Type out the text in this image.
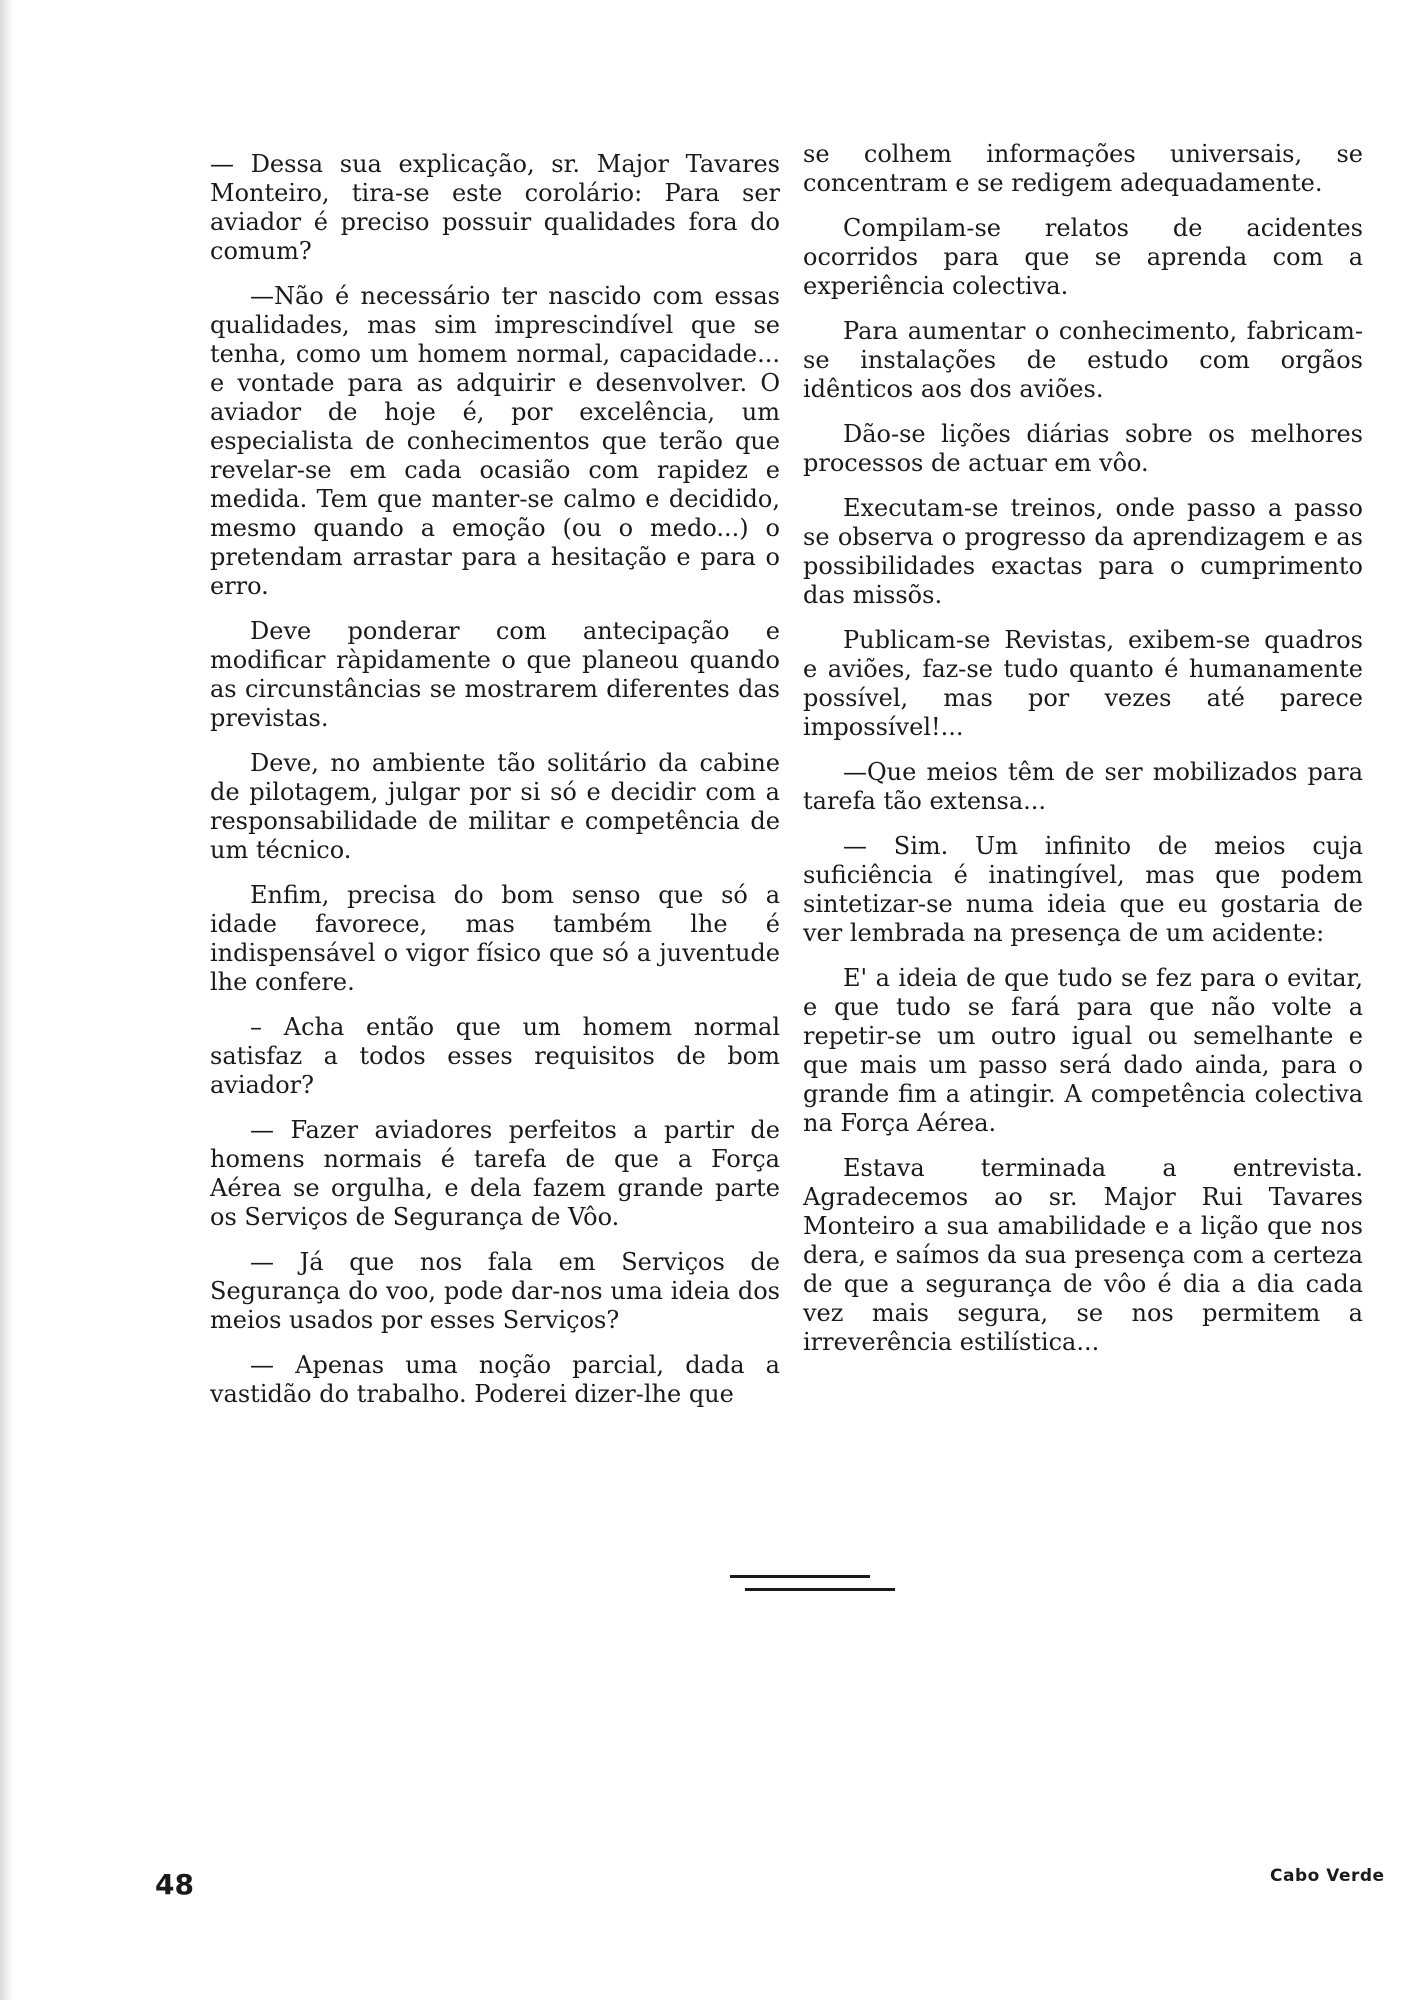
— Dessa sua explicação, sr. Major Tavares Monteiro, tira-se este corolário: Para ser aviador é preciso possuir qualidades fora do comum?

—Não é necessário ter nascido com essas qualidades, mas sim imprescindível que se tenha, como um homem normal, capacidade... e vontade para as adquirir e desenvolver. O aviador de hoje é, por excelência, um especialista de conhecimentos que terão que revelar-se em cada ocasião com rapidez e medida. Tem que manter-se calmo e decidido, mesmo quando a emoção (ou o medo...) o pretendam arrastar para a hesitação e para o erro.

Deve ponderar com antecipação e modificar ràpidamente o que planeou quando as circunstâncias se mostrarem diferentes das previstas.

Deve, no ambiente tão solitário da cabine de pilotagem, julgar por si só e decidir com a responsabilidade de militar e competência de um técnico.

Enfim, precisa do bom senso que só a idade favorece, mas também lhe é indispensável o vigor físico que só a juventude lhe confere.

– Acha então que um homem normal satisfaz a todos esses requisitos de bom aviador?

— Fazer aviadores perfeitos a partir de homens normais é tarefa de que a Força Aérea se orgulha, e dela fazem grande parte os Serviços de Segurança de Vôo.

— Já que nos fala em Serviços de Segurança do voo, pode dar-nos uma ideia dos meios usados por esses Serviços?

— Apenas uma noção parcial, dada a vastidão do trabalho. Poderei dizer-lhe que

se colhem informações universais, se concentram e se redigem adequadamente.

Compilam-se relatos de acidentes ocorridos para que se aprenda com a experiência colectiva.

Para aumentar o conhecimento, fabricam-se instalações de estudo com orgãos idênticos aos dos aviões.

Dão-se lições diárias sobre os melhores processos de actuar em vôo.

Executam-se treinos, onde passo a passo se observa o progresso da aprendizagem e as possibilidades exactas para o cumprimento das missõs.

Publicam-se Revistas, exibem-se quadros e aviões, faz-se tudo quanto é humanamente possível, mas por vezes até parece impossível!...

—Que meios têm de ser mobilizados para tarefa tão extensa...

— Sim. Um infinito de meios cuja suficiência é inatingível, mas que podem sintetizar-se numa ideia que eu gostaria de ver lembrada na presença de um acidente:

E' a ideia de que tudo se fez para o evitar, e que tudo se fará para que não volte a repetir-se um outro igual ou semelhante e que mais um passo será dado ainda, para o grande fim a atingir. A competência colectiva na Força Aérea.

Estava terminada a entrevista. Agradecemos ao sr. Major Rui Tavares Monteiro a sua amabilidade e a lição que nos dera, e saímos da sua presença com a certeza de que a segurança de vôo é dia a dia cada vez mais segura, se nos permitem a irreverência estilística...

48	Cabo Verde
